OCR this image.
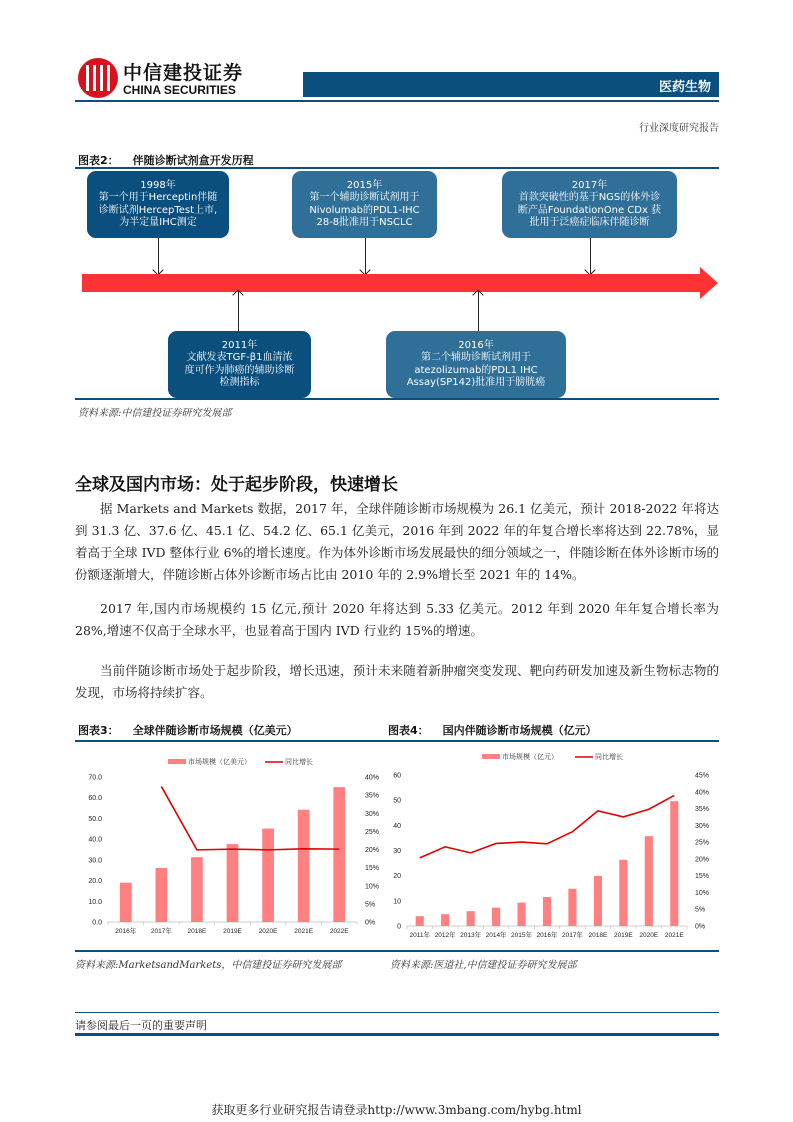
中信建投证券
CHINA SECURITIES	医药生物
行业深度研究报告
图表2： 伴随诊断试剂盒开发历程
1998年
第一个用于Herceptin伴随
诊断试剂HercepTest上市,
为半定量IHC测定
2015年
第一个辅助诊断试剂用于
Nivolumab的PDL1-IHC
28-8批准用于NSCLC
2017年
首款突破性的基于NGS的体外诊
断产品FoundationOne CDx 获
批用于泛癌症临床伴随诊断
2011年
文献发表TGF-β1血清浓
度可作为肺癌的辅助诊断
检测指标
2016年
第二个辅助诊断试剂用于
atezolizumab的PDL1 IHC
Assay(SP142)批准用于膀胱癌
资料来源:中信建投证券研究发展部
全球及国内市场：处于起步阶段，快速增长
据 Markets and Markets 数据，2017 年，全球伴随诊断市场规模为 26.1 亿美元，预计 2018-2022 年将达到 31.3 亿、37.6 亿、45.1 亿、54.2 亿、65.1 亿美元，2016 年到 2022 年的年复合增长率将达到 22.78%，显着高于全球 IVD 整体行业 6%的增长速度。作为体外诊断市场发展最快的细分领域之一，伴随诊断在体外诊断市场的份额逐渐增大，伴随诊断占体外诊断市场占比由 2010 年的 2.9%增长至 2021 年的 14%。
2017 年,国内市场规模约 15 亿元,预计 2020 年将达到 5.33 亿美元。2012 年到 2020 年年复合增长率为 28%,增速不仅高于全球水平，也显着高于国内 IVD 行业约 15%的增速。
当前伴随诊断市场处于起步阶段，增长迅速，预计未来随着新肿瘤突变发现、靶向药研发加速及新生物标志物的发现，市场将持续扩容。
图表3： 全球伴随诊断市场规模（亿美元）	图表4： 国内伴随诊断市场规模（亿元）
市场规模（亿美元）	同比增长
0.0
10.0
20.0
30.0
40.0
50.0
60.0
70.0
0%
5%
10%
15%
20%
25%
30%
35%
40%
2016年 2017年 2018E	2019E	2020E	2021E	2022E
市场规模（亿元）	同比增长
0
10
20
30
40
50
60
0%
5%
10%
15%
20%
25%
30%
35%
40%
45%
2011年 2012年 2013年 2014年 2015年 2016年 2017年 2018E 2019E 2020E 2021E
资料来源:MarketsandMarkets，中信建投证券研究发展部	资料来源:医道社,中信建投证券研究发展部
请参阅最后一页的重要声明
获取更多行业研究报告请登录http://www.3mbang.com/hybg.html
